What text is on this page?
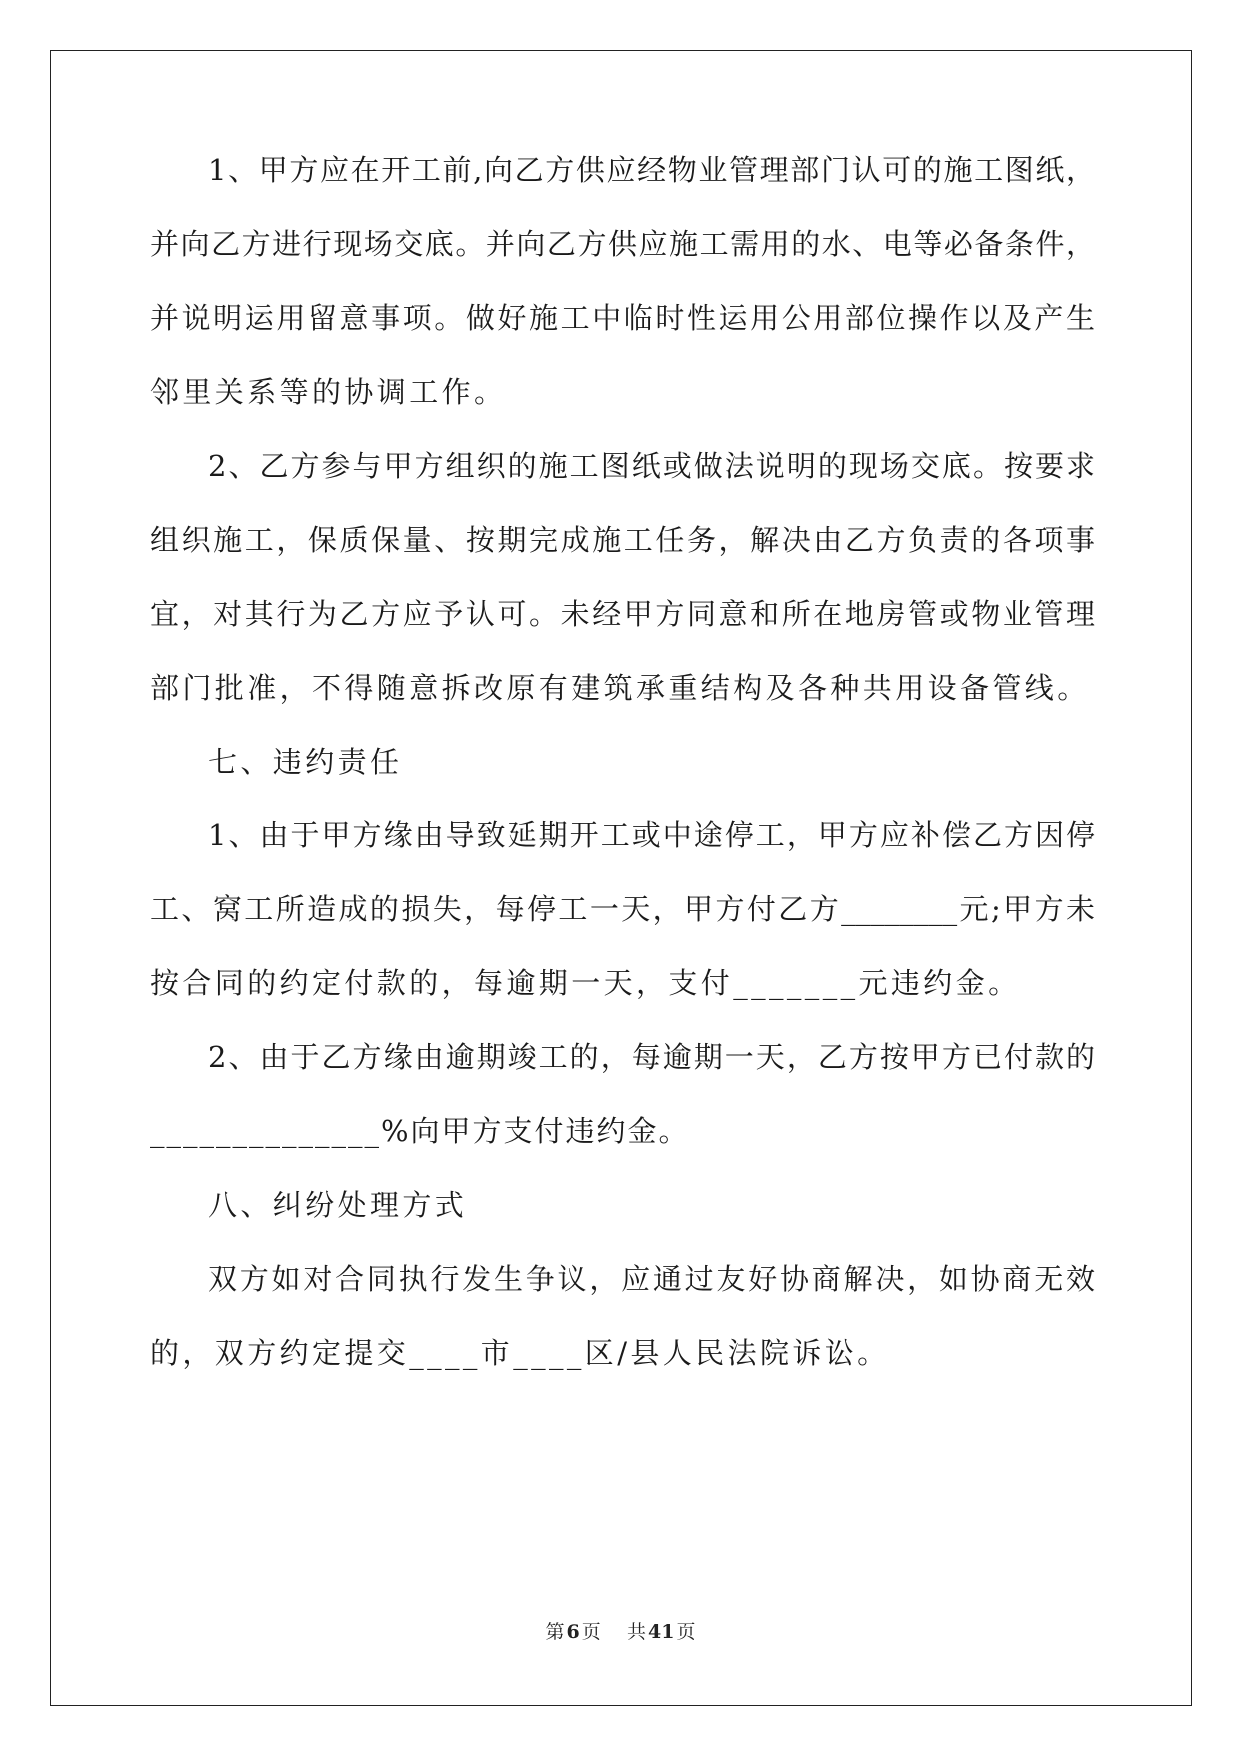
1、甲方应在开工前,向乙方供应经物业管理部门认可的施工图纸，
并向乙方进行现场交底。并向乙方供应施工需用的水、电等必备条件，
并说明运用留意事项。做好施工中临时性运用公用部位操作以及产生
邻里关系等的协调工作。
2、乙方参与甲方组织的施工图纸或做法说明的现场交底。按要求
组织施工，保质保量、按期完成施工任务，解决由乙方负责的各项事
宜，对其行为乙方应予认可。未经甲方同意和所在地房管或物业管理
部门批准，不得随意拆改原有建筑承重结构及各种共用设备管线。
七、违约责任
1、由于甲方缘由导致延期开工或中途停工，甲方应补偿乙方因停
工、窝工所造成的损失，每停工一天，甲方付乙方________元;甲方未
按合同的约定付款的，每逾期一天，支付_______元违约金。
2、由于乙方缘由逾期竣工的，每逾期一天，乙方按甲方已付款的
______________%向甲方支付违约金。
八、纠纷处理方式
双方如对合同执行发生争议，应通过友好协商解决，如协商无效
的，双方约定提交____市____区/县人民法院诉讼。
第 6 页 共 41 页
